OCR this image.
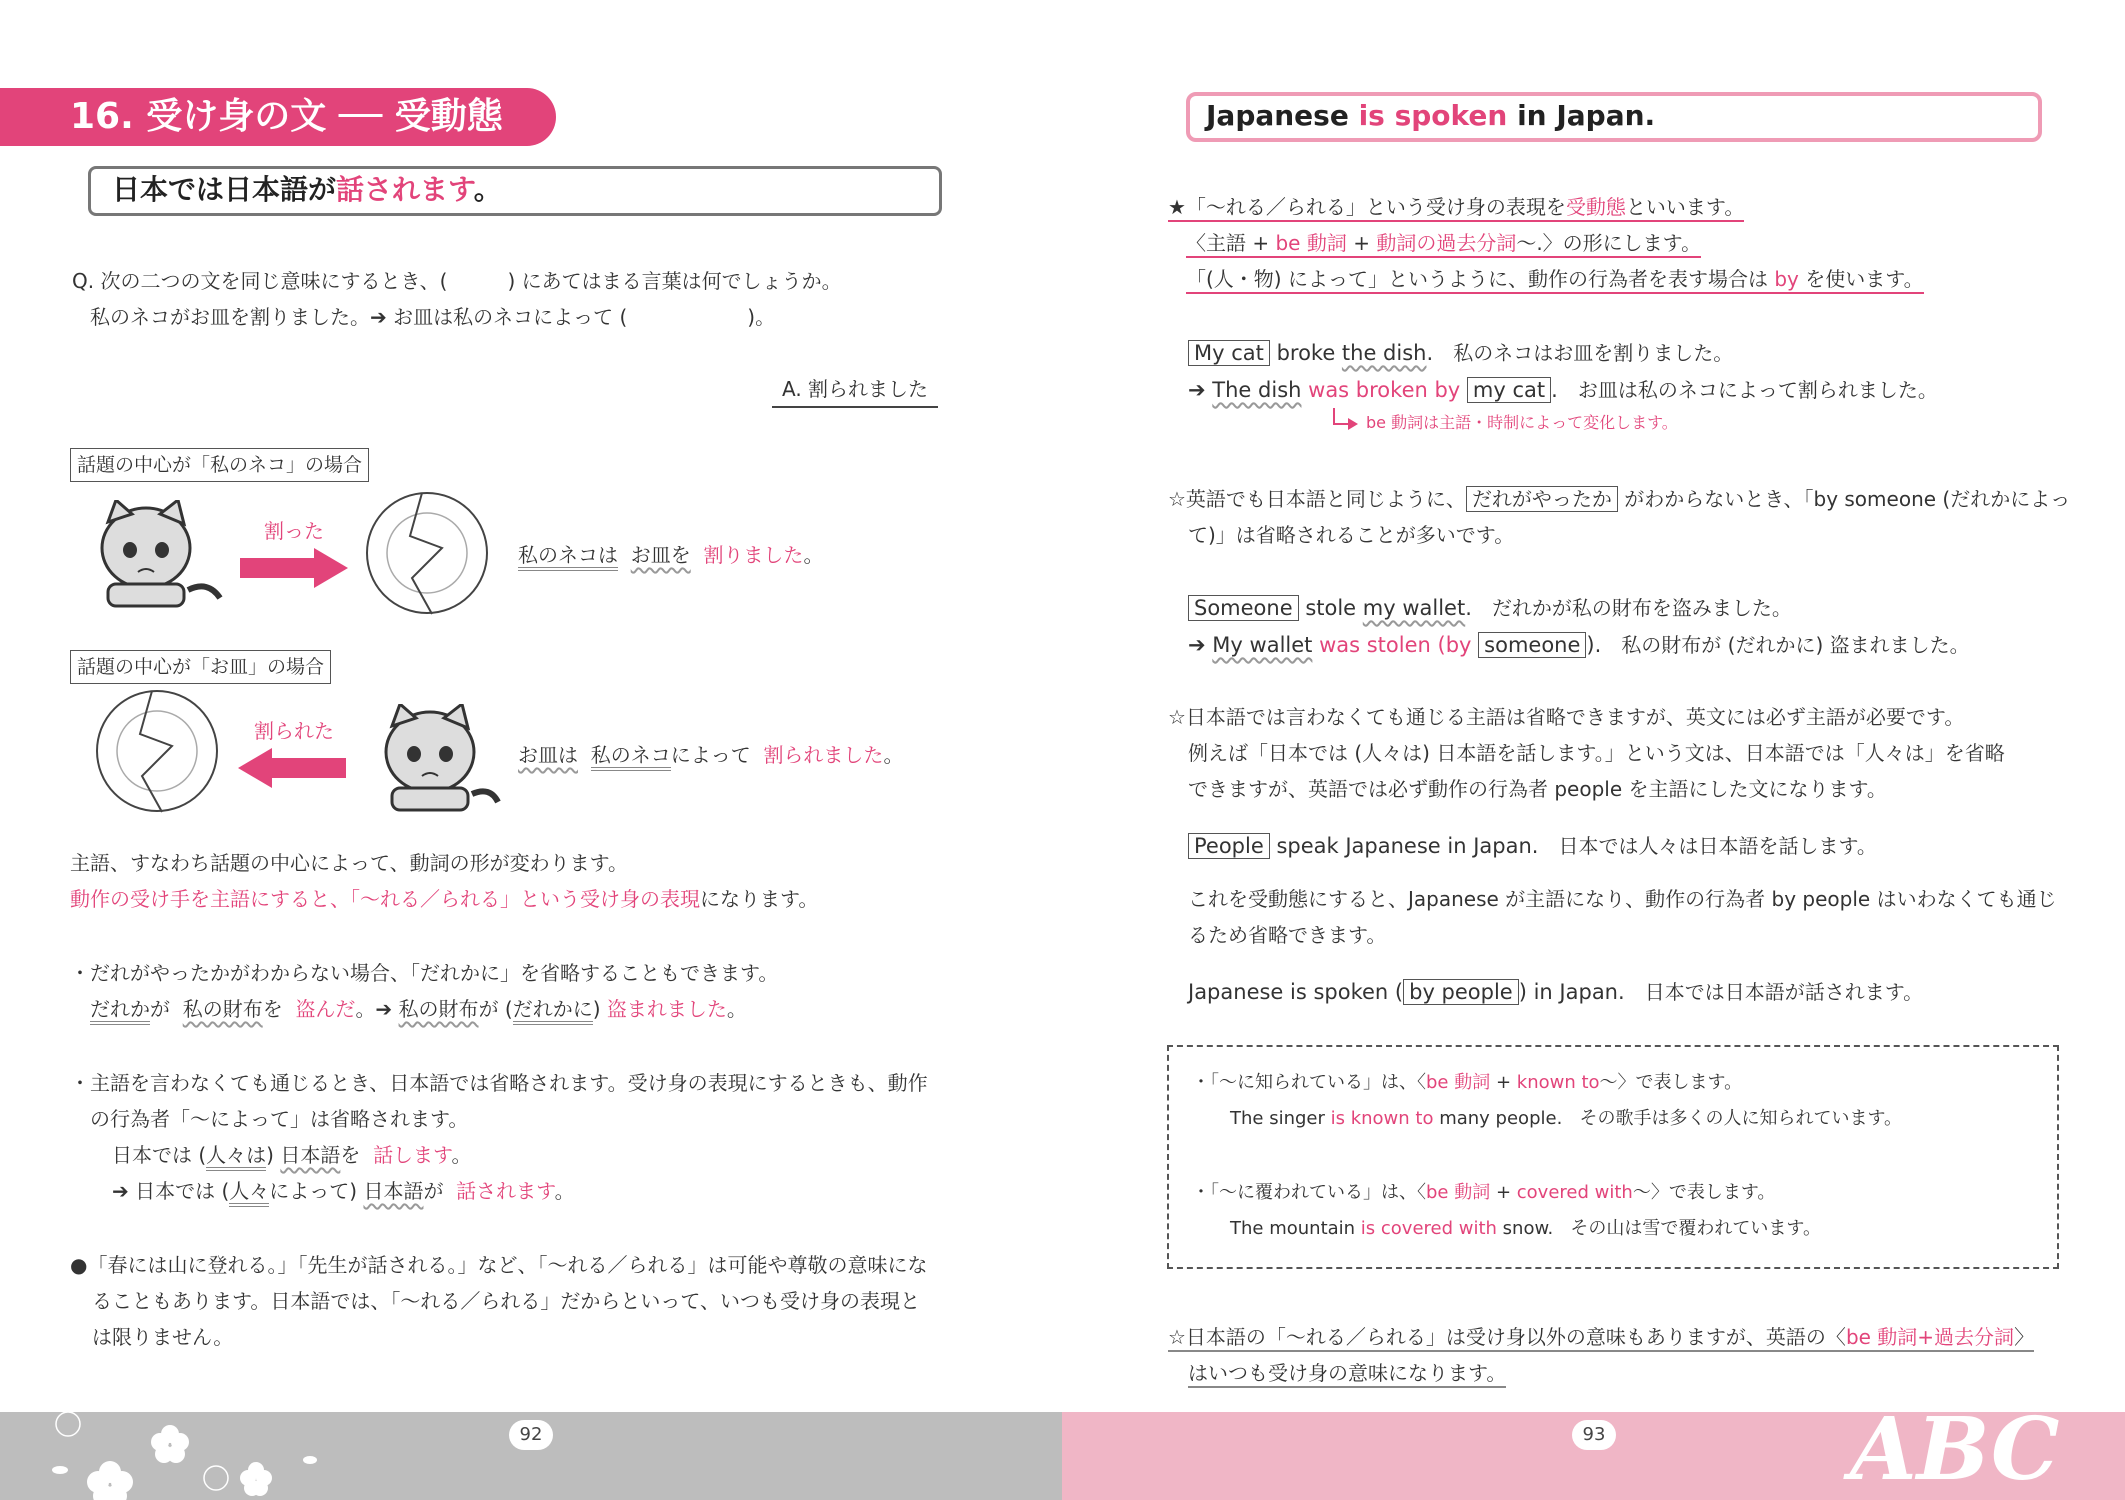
16. 受け身の文 ── 受動態
日本では日本語が話されます。
Q. 次の二つの文を同じ意味にするとき、(　　　) にあてはまる言葉は何でしょうか。
私のネコがお皿を割りました。➔ お皿は私のネコによって (　　　　　　)。
A. 割られました
話題の中心が「私のネコ」の場合
割った
私のネコは お皿を 割りました。
話題の中心が「お皿」の場合
割られた
お皿は 私のネコによって 割られました。
主語、すなわち話題の中心によって、動詞の形が変わります。
動作の受け手を主語にすると、「〜れる／られる」という受け身の表現になります。
・だれがやったかがわからない場合、「だれかに」を省略することもできます。
だれかが 私の財布を 盗んだ。➔ 私の財布が (だれかに) 盗まれました。
・主語を言わなくても通じるとき、日本語では省略されます。受け身の表現にするときも、動作
の行為者「〜によって」は省略されます。
日本では (人々は) 日本語を 話します。
➔ 日本では (人々によって) 日本語が 話されます。
●「春には山に登れる。」「先生が話される。」など、「〜れる／られる」は可能や尊敬の意味にな
ることもあります。日本語では、「〜れる／られる」だからといって、いつも受け身の表現と
は限りません。
Japanese is spoken in Japan.
★「〜れる／られる」という受け身の表現を受動態といいます。
〈主語 + be 動詞 + 動詞の過去分詞〜.〉の形にします。
「(人・物) によって」というように、動作の行為者を表す場合は by を使います。
My cat broke the dish. 私のネコはお皿を割りました。
➔ The dish was broken by my cat . お皿は私のネコによって割られました。
be 動詞は主語・時制によって変化します。
☆英語でも日本語と同じように、 だれがやったか がわからないとき、「by someone (だれかによっ
て)」は省略されることが多いです。
Someone stole my wallet. だれかが私の財布を盗みました。
➔ My wallet was stolen (by someone ). 私の財布が (だれかに) 盗まれました。
☆日本語では言わなくても通じる主語は省略できますが、英文には必ず主語が必要です。
例えば「日本では (人々は) 日本語を話します。」という文は、日本語では「人々は」を省略
できますが、英語では必ず動作の行為者 people を主語にした文になります。
People speak Japanese in Japan. 日本では人々は日本語を話します。
これを受動態にすると、Japanese が主語になり、動作の行為者 by people はいわなくても通じ
るため省略できます。
Japanese is spoken ( by people ) in Japan. 日本では日本語が話されます。
・「〜に知られている」は、〈be 動詞 + known to〜〉で表します。
The singer is known to many people. その歌手は多くの人に知られています。
・「〜に覆われている」は、〈be 動詞 + covered with〜〉で表します。
The mountain is covered with snow. その山は雪で覆われています。
☆日本語の「〜れる／られる」は受け身以外の意味もありますが、英語の〈be 動詞+過去分詞〉
はいつも受け身の意味になります。
92	93	ABC
